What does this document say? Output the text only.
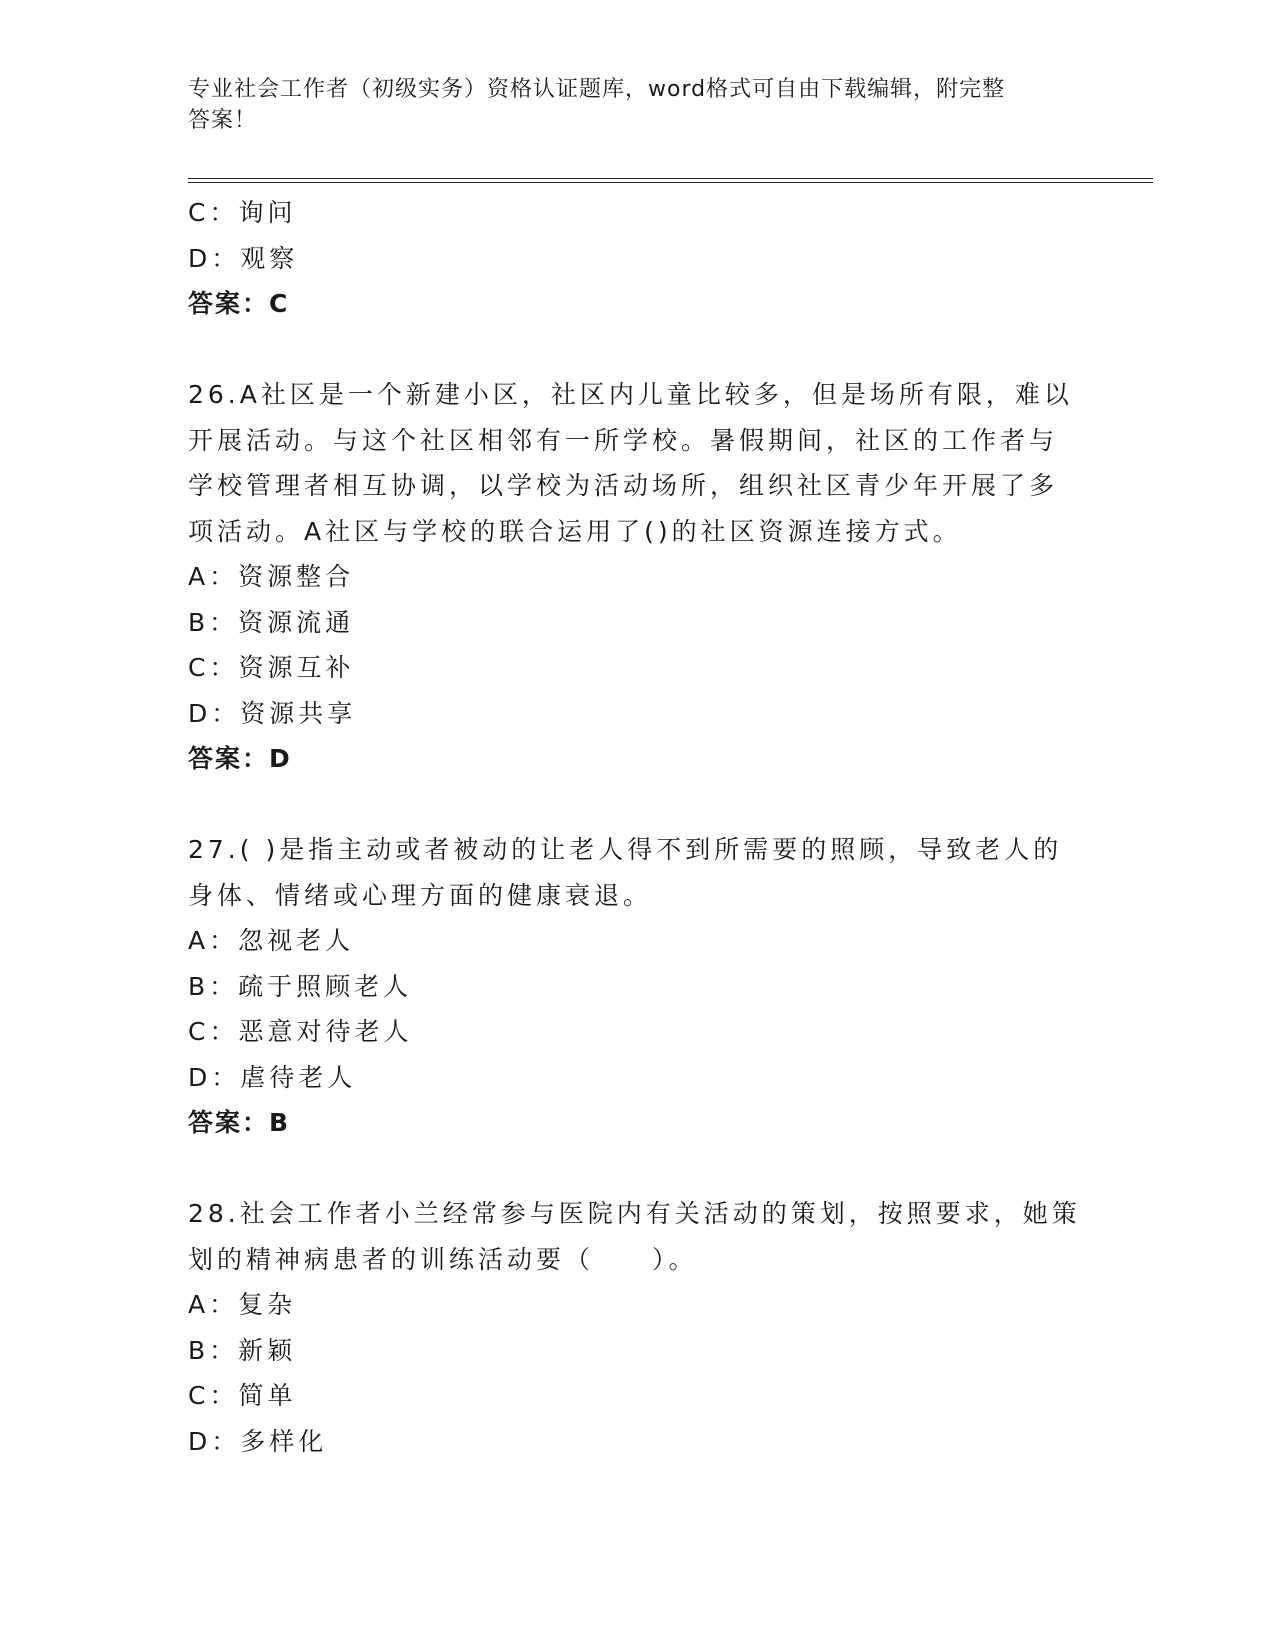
专业社会工作者（初级实务）资格认证题库，word格式可自由下载编辑，附完整
答案！
C：询问
D：观察
答案：C
26.A社区是一个新建小区，社区内儿童比较多，但是场所有限，难以
开展活动。与这个社区相邻有一所学校。暑假期间，社区的工作者与
学校管理者相互协调，以学校为活动场所，组织社区青少年开展了多
项活动。A社区与学校的联合运用了()的社区资源连接方式。
A：资源整合
B：资源流通
C：资源互补
D：资源共享
答案：D
27.( )是指主动或者被动的让老人得不到所需要的照顾，导致老人的
身体、情绪或心理方面的健康衰退。
A：忽视老人
B：疏于照顾老人
C：恶意对待老人
D：虐待老人
答案：B
28.社会工作者小兰经常参与医院内有关活动的策划，按照要求，她策
划的精神病患者的训练活动要（　　）。
A：复杂
B：新颖
C：简单
D：多样化
